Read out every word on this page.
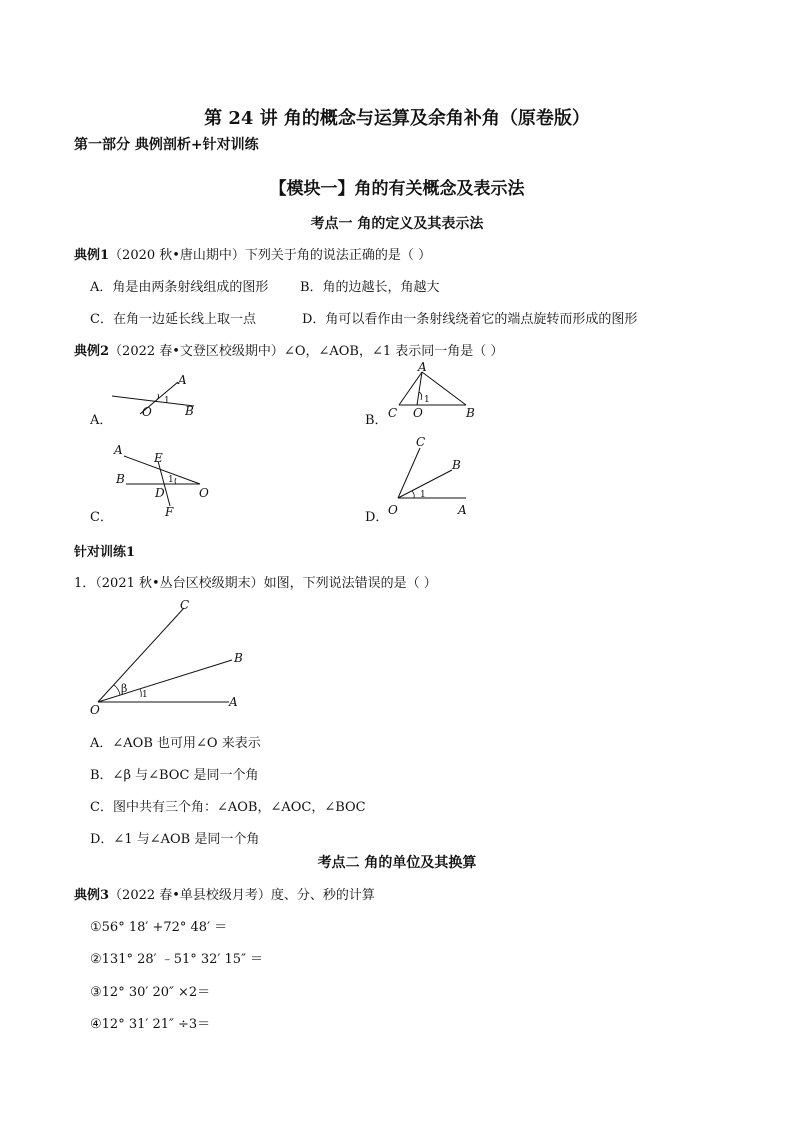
第 24 讲 角的概念与运算及余角补角（原卷版）
第一部分 典例剖析+针对训练
【模块一】角的有关概念及表示法
考点一 角的定义及其表示法
典例1（2020 秋•唐山期中）下列关于角的说法正确的是（ ）
A．角是由两条射线组成的图形 B．角的边越长，角越大
C．在角一边延长线上取一点	D．角可以看作由一条射线绕着它的端点旋转而形成的图形
典例2（2022 春•文登区校级期中）∠O，∠AOB，∠1 表示同一角是（ ）
A．
A
O	B
1
B．
A
C O	B
1
C．
A
E
B
D	O
F
1
D．
C
B
O	A
1
针对训练1
1．（2021 秋•丛台区校级期末）如图，下列说法错误的是（ ）
C
B
O
A
β 1
A．∠AOB 也可用∠O 来表示
B．∠β 与∠BOC 是同一个角
C．图中共有三个角：∠AOB，∠AOC，∠BOC
D．∠1 与∠AOB 是同一个角
考点二 角的单位及其换算
典例3（2022 春•单县校级月考）度、分、秒的计算
①56° 18′ +72° 48′ ＝
②131° 28′ ﹣51° 32′ 15″ ＝
③12° 30′ 20″ ×2＝
④12° 31′ 21″ ÷3＝
